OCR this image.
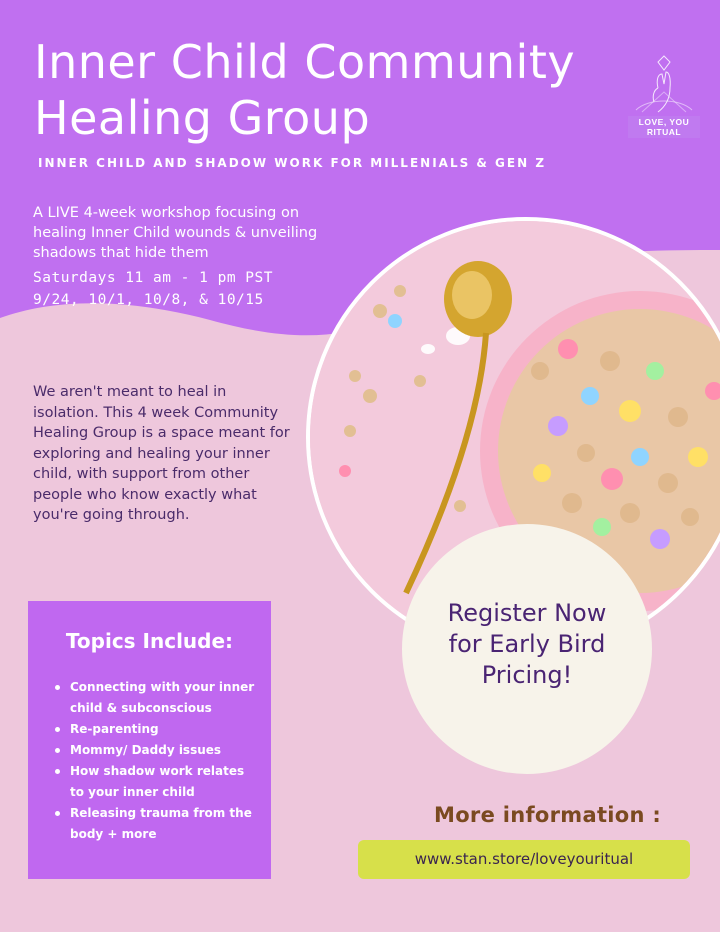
Inner Child Community
Healing Group
INNER CHILD AND SHADOW WORK FOR MILLENIALS & GEN Z
LOVE, YOU
RITUAL
A LIVE 4-week workshop focusing on
healing Inner Child wounds & unveiling
shadows that hide them
Saturdays 11 am - 1 pm PST
9/24, 10/1, 10/8, & 10/15
We aren't meant to heal in isolation. This 4 week Community Healing Group is a space meant for exploring and healing your inner child, with support from other people who know exactly what you're going through.
Register Now
for Early Bird
Pricing!
Topics Include:
Connecting with your inner child & subconscious
Re-parenting
Mommy/ Daddy issues
How shadow work relates to your inner child
Releasing trauma from the body + more
More information :
www.stan.store/loveyouritual
